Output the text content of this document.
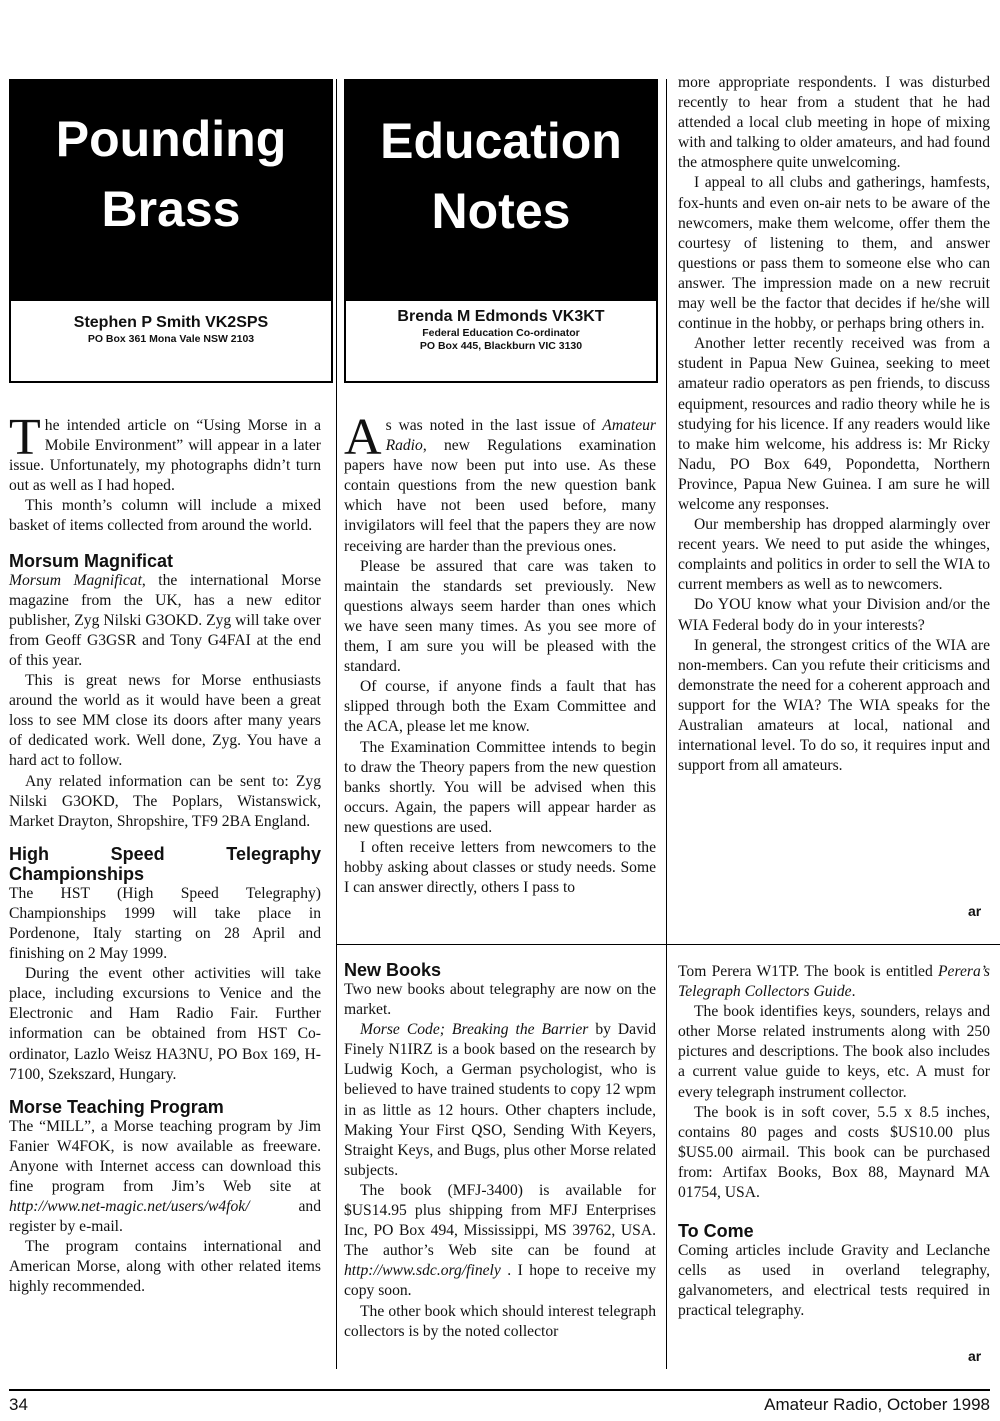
Pounding
Brass
Stephen P Smith VK2SPS
PO Box 361 Mona Vale NSW 2103
Education
Notes
Brenda M Edmonds VK3KT
Federal Education Co-ordinator
PO Box 445, Blackburn VIC 3130

The intended article on “Using Morse in a Mobile Environment” will appear in a later issue. Unfortunately, my photographs didn’t turn out as well as I had hoped.

This month’s column will include a mixed basket of items collected from around the world.

Morsum Magnificat

Morsum Magnificat, the international Morse magazine from the UK, has a new editor publisher, Zyg Nilski G3OKD. Zyg will take over from Geoff G3GSR and Tony G4FAI at the end of this year.

This is great news for Morse enthusiasts around the world as it would have been a great loss to see MM close its doors after many years of dedicated work. Well done, Zyg. You have a hard act to follow.

Any related information can be sent to: Zyg Nilski G3OKD, The Poplars, Wistanswick, Market Drayton, Shropshire, TF9 2BA England.

High Speed Telegraphy Championships

The HST (High Speed Telegraphy) Championships 1999 will take place in Pordenone, Italy starting on 28 April and finishing on 2 May 1999.

During the event other activities will take place, including excursions to Venice and the Electronic and Ham Radio Fair. Further information can be obtained from HST Co-ordinator, Lazlo Weisz HA3NU, PO Box 169, H-7100, Szekszard, Hungary.

Morse Teaching Program

The “MILL”, a Morse teaching program by Jim Fanier W4FOK, is now available as freeware. Anyone with Internet access can download this fine program from Jim’s Web site at http://www.net-magic.net/users/w4fok/ and register by e-mail.

The program contains international and American Morse, along with other related items highly recommended.

As was noted in the last issue of Amateur Radio, new Regulations examination papers have now been put into use. As these contain questions from the new question bank which have not been used before, many invigilators will feel that the papers they are now receiving are harder than the previous ones.

Please be assured that care was taken to maintain the standards set previously. New questions always seem harder than ones which we have seen many times. As you see more of them, I am sure you will be pleased with the standard.

Of course, if anyone finds a fault that has slipped through both the Exam Committee and the ACA, please let me know.

The Examination Committee intends to begin to draw the Theory papers from the new question banks shortly. You will be advised when this occurs. Again, the papers will appear harder as new questions are used.

I often receive letters from newcomers to the hobby asking about classes or study needs. Some I can answer directly, others I pass to

more appropriate respondents. I was disturbed recently to hear from a student that he had attended a local club meeting in hope of mixing with and talking to older amateurs, and had found the atmosphere quite unwelcoming.

I appeal to all clubs and gatherings, hamfests, fox-hunts and even on-air nets to be aware of the newcomers, make them welcome, offer them the courtesy of listening to them, and answer questions or pass them to someone else who can answer. The impression made on a new recruit may well be the factor that decides if he/she will continue in the hobby, or perhaps bring others in.

Another letter recently received was from a student in Papua New Guinea, seeking to meet amateur radio operators as pen friends, to discuss equipment, resources and radio theory while he is studying for his licence. If any readers would like to make him welcome, his address is: Mr Ricky Nadu, PO Box 649, Popondetta, Northern Province, Papua New Guinea. I am sure he will welcome any responses.

Our membership has dropped alarmingly over recent years. We need to put aside the whinges, complaints and politics in order to sell the WIA to current members as well as to newcomers.

Do YOU know what your Division and/or the WIA Federal body do in your interests?

In general, the strongest critics of the WIA are non-members. Can you refute their criticisms and demonstrate the need for a coherent approach and support for the WIA? The WIA speaks for the Australian amateurs at local, national and international level. To do so, it requires input and support from all amateurs.

ar
New Books

Two new books about telegraphy are now on the market.

Morse Code; Breaking the Barrier by David Finely N1IRZ is a book based on the research by Ludwig Koch, a German psychologist, who is believed to have trained students to copy 12 wpm in as little as 12 hours. Other chapters include, Making Your First QSO, Sending With Keyers, Straight Keys, and Bugs, plus other Morse related subjects.

The book (MFJ-3400) is available for $US14.95 plus shipping from MFJ Enterprises Inc, PO Box 494, Mississippi, MS 39762, USA. The author’s Web site can be found at http://www.sdc.org/finely . I hope to receive my copy soon.

The other book which should interest telegraph collectors is by the noted collector

Tom Perera W1TP. The book is entitled Perera’s Telegraph Collectors Guide.

The book identifies keys, sounders, relays and other Morse related instruments along with 250 pictures and descriptions. The book also includes a current value guide to keys, etc. A must for every telegraph instrument collector.

The book is in soft cover, 5.5 x 8.5 inches, contains 80 pages and costs $US10.00 plus $US5.00 airmail. This book can be purchased from: Artifax Books, Box 88, Maynard MA 01754, USA.

To Come

Coming articles include Gravity and Leclanche cells as used in overland telegraphy, galvanometers, and electrical tests required in practical telegraphy.

ar
34	Amateur Radio, October 1998
